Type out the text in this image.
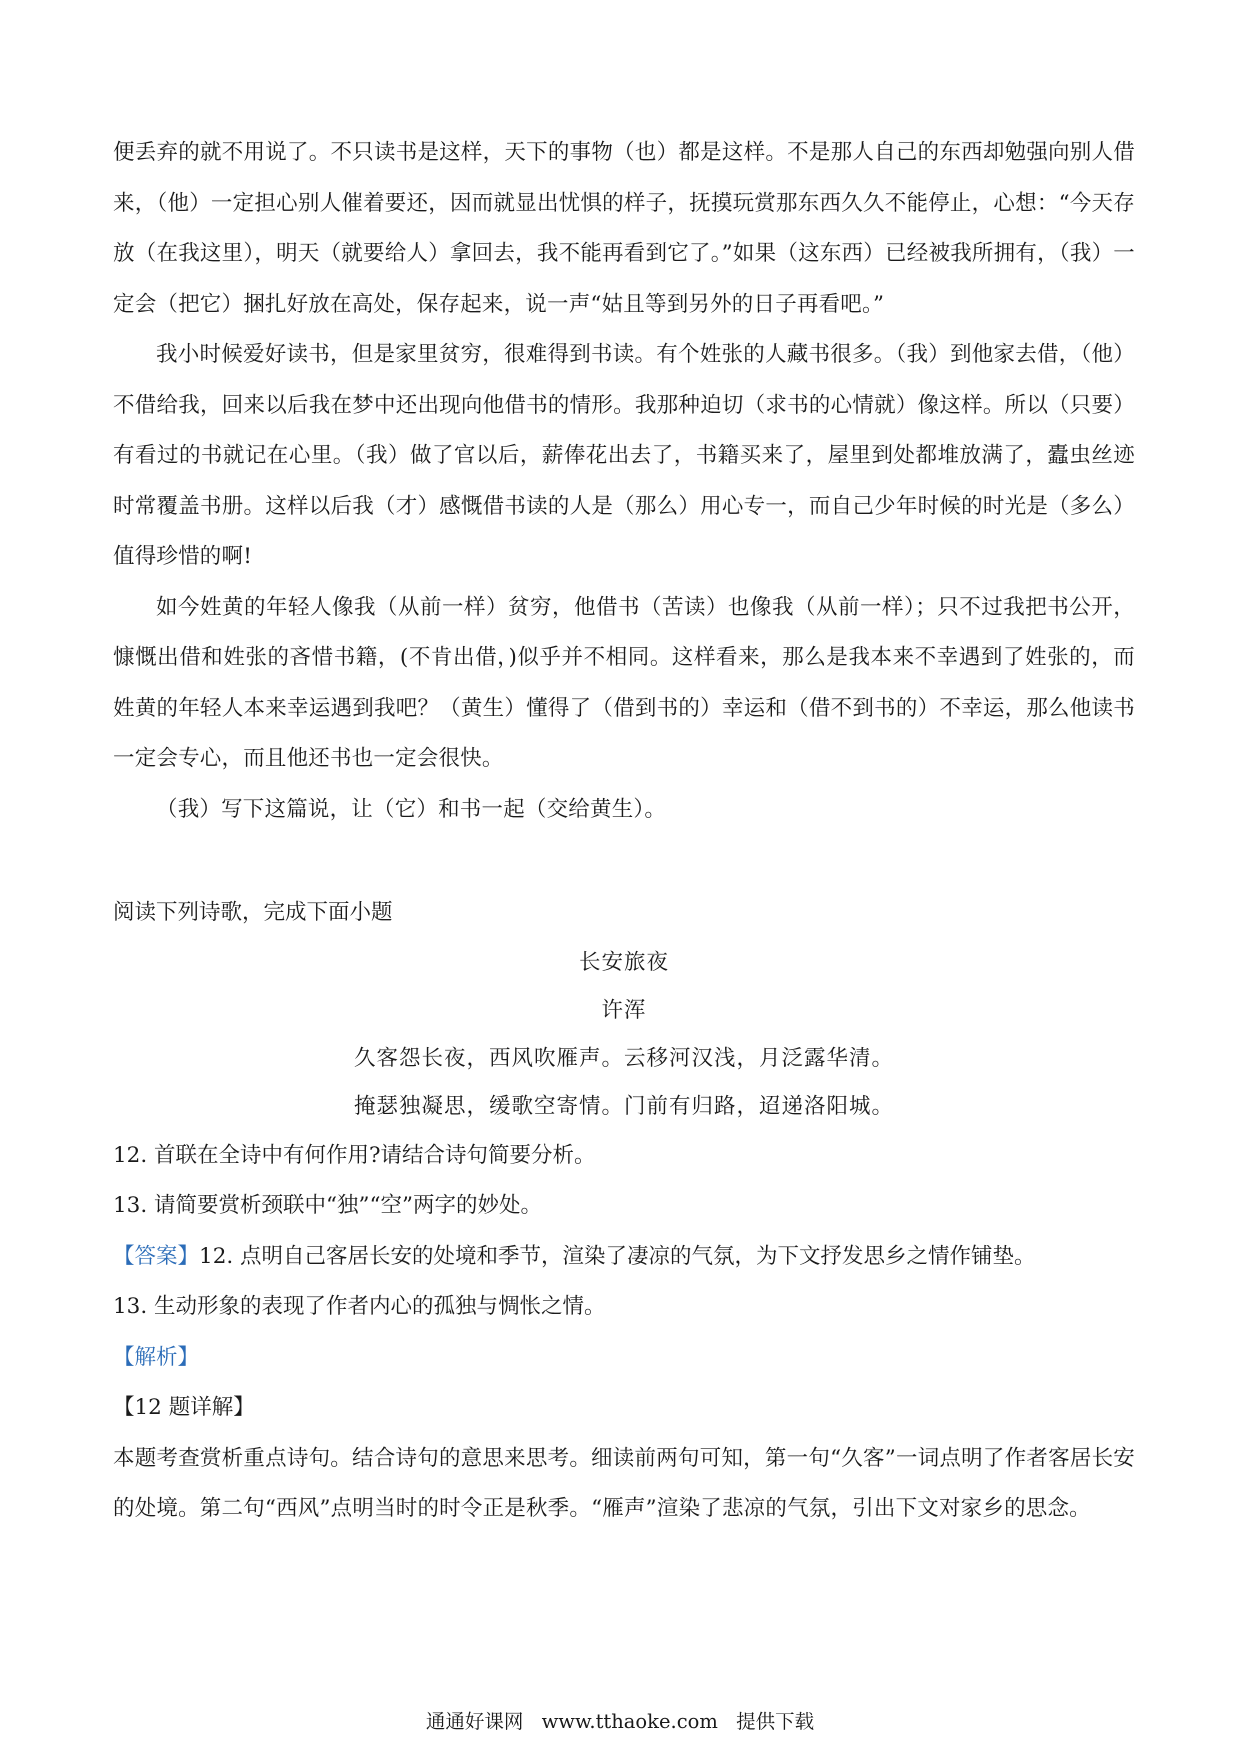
便丢弃的就不用说了。不只读书是这样，天下的事物（也）都是这样。不是那人自己的东西却勉强向别人借来，（他）一定担心别人催着要还，因而就显出忧惧的样子，抚摸玩赏那东西久久不能停止，心想：“今天存放（在我这里），明天（就要给人）拿回去，我不能再看到它了。”如果（这东西）已经被我所拥有，（我）一定会（把它）捆扎好放在高处，保存起来，说一声“姑且等到另外的日子再看吧。”

我小时候爱好读书，但是家里贫穷，很难得到书读。有个姓张的人藏书很多。（我）到他家去借，（他）不借给我，回来以后我在梦中还出现向他借书的情形。我那种迫切（求书的心情就）像这样。所以（只要）有看过的书就记在心里。（我）做了官以后，薪俸花出去了，书籍买来了，屋里到处都堆放满了，蠹虫丝迹时常覆盖书册。这样以后我（才）感慨借书读的人是（那么）用心专一，而自己少年时候的时光是（多么）值得珍惜的啊!

如今姓黄的年轻人像我（从前一样）贫穷，他借书（苦读）也像我（从前一样）；只不过我把书公开，慷慨出借和姓张的吝惜书籍，(不肯出借，)似乎并不相同。这样看来，那么是我本来不幸遇到了姓张的，而姓黄的年轻人本来幸运遇到我吧？（黄生）懂得了（借到书的）幸运和（借不到书的）不幸运，那么他读书一定会专心，而且他还书也一定会很快。

（我）写下这篇说，让（它）和书一起（交给黄生）。

阅读下列诗歌，完成下面小题

长安旅夜

许浑

久客怨长夜，西风吹雁声。云移河汉浅，月泛露华清。

掩瑟独凝思，缓歌空寄情。门前有归路，迢递洛阳城。

12. 首联在全诗中有何作用?请结合诗句简要分析。

13. 请简要赏析颈联中“独”“空”两字的妙处。

【答案】12. 点明自己客居长安的处境和季节，渲染了凄凉的气氛，为下文抒发思乡之情作铺垫。

13. 生动形象的表现了作者内心的孤独与惆怅之情。

【解析】

【12 题详解】

本题考查赏析重点诗句。结合诗句的意思来思考。细读前两句可知，第一句“久客”一词点明了作者客居长安的处境。第二句“西风”点明当时的时令正是秋季。“雁声”渲染了悲凉的气氛，引出下文对家乡的思念。

通通好课网 www.tthaoke.com 提供下载
